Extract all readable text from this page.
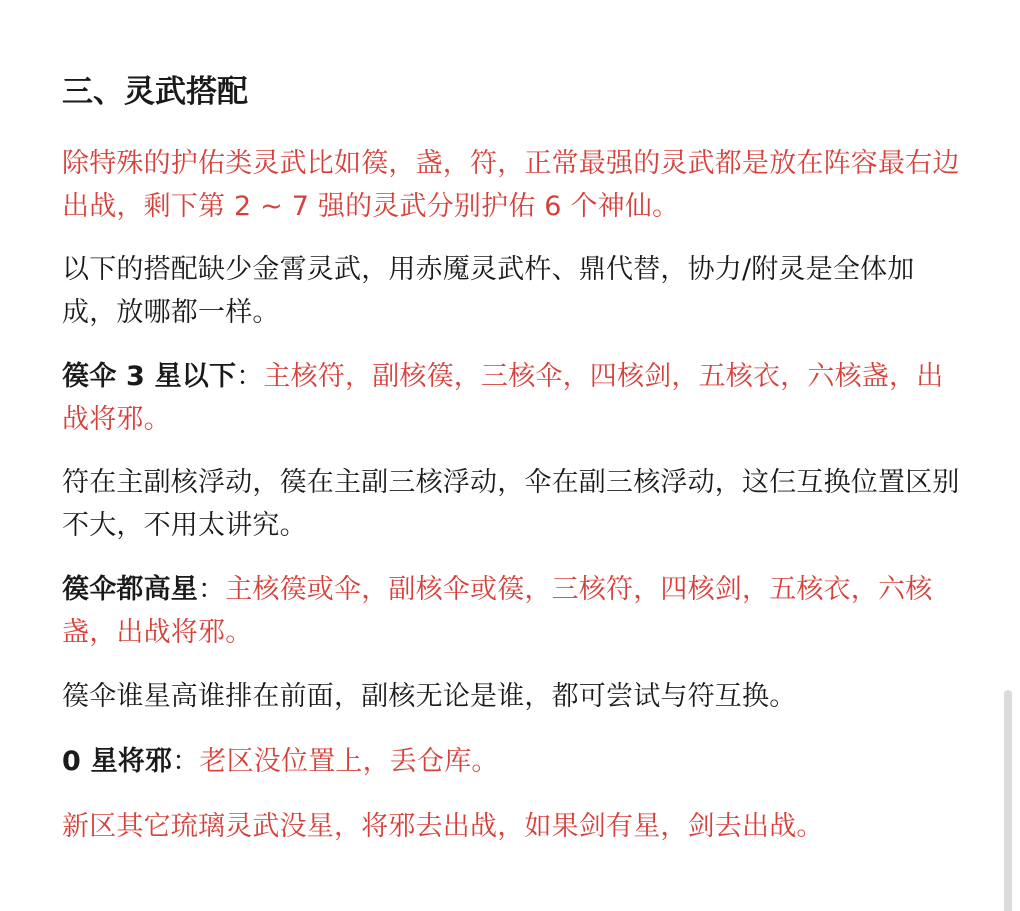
三、灵武搭配
除特殊的护佑类灵武比如篌，盏，符，正常最强的灵武都是放在阵容最右边出战，剩下第 2 ~ 7 强的灵武分别护佑 6 个神仙。
以下的搭配缺少金霄灵武，用赤魇灵武杵、鼎代替，协力/附灵是全体加成，放哪都一样。
篌伞 3 星以下：主核符，副核篌，三核伞，四核剑，五核衣，六核盏，出战将邪。
符在主副核浮动，篌在主副三核浮动，伞在副三核浮动，这仨互换位置区别不大，不用太讲究。
篌伞都高星：主核篌或伞，副核伞或篌，三核符，四核剑，五核衣，六核盏，出战将邪。
篌伞谁星高谁排在前面，副核无论是谁，都可尝试与符互换。
0 星将邪：老区没位置上，丢仓库。
新区其它琉璃灵武没星，将邪去出战，如果剑有星，剑去出战。
